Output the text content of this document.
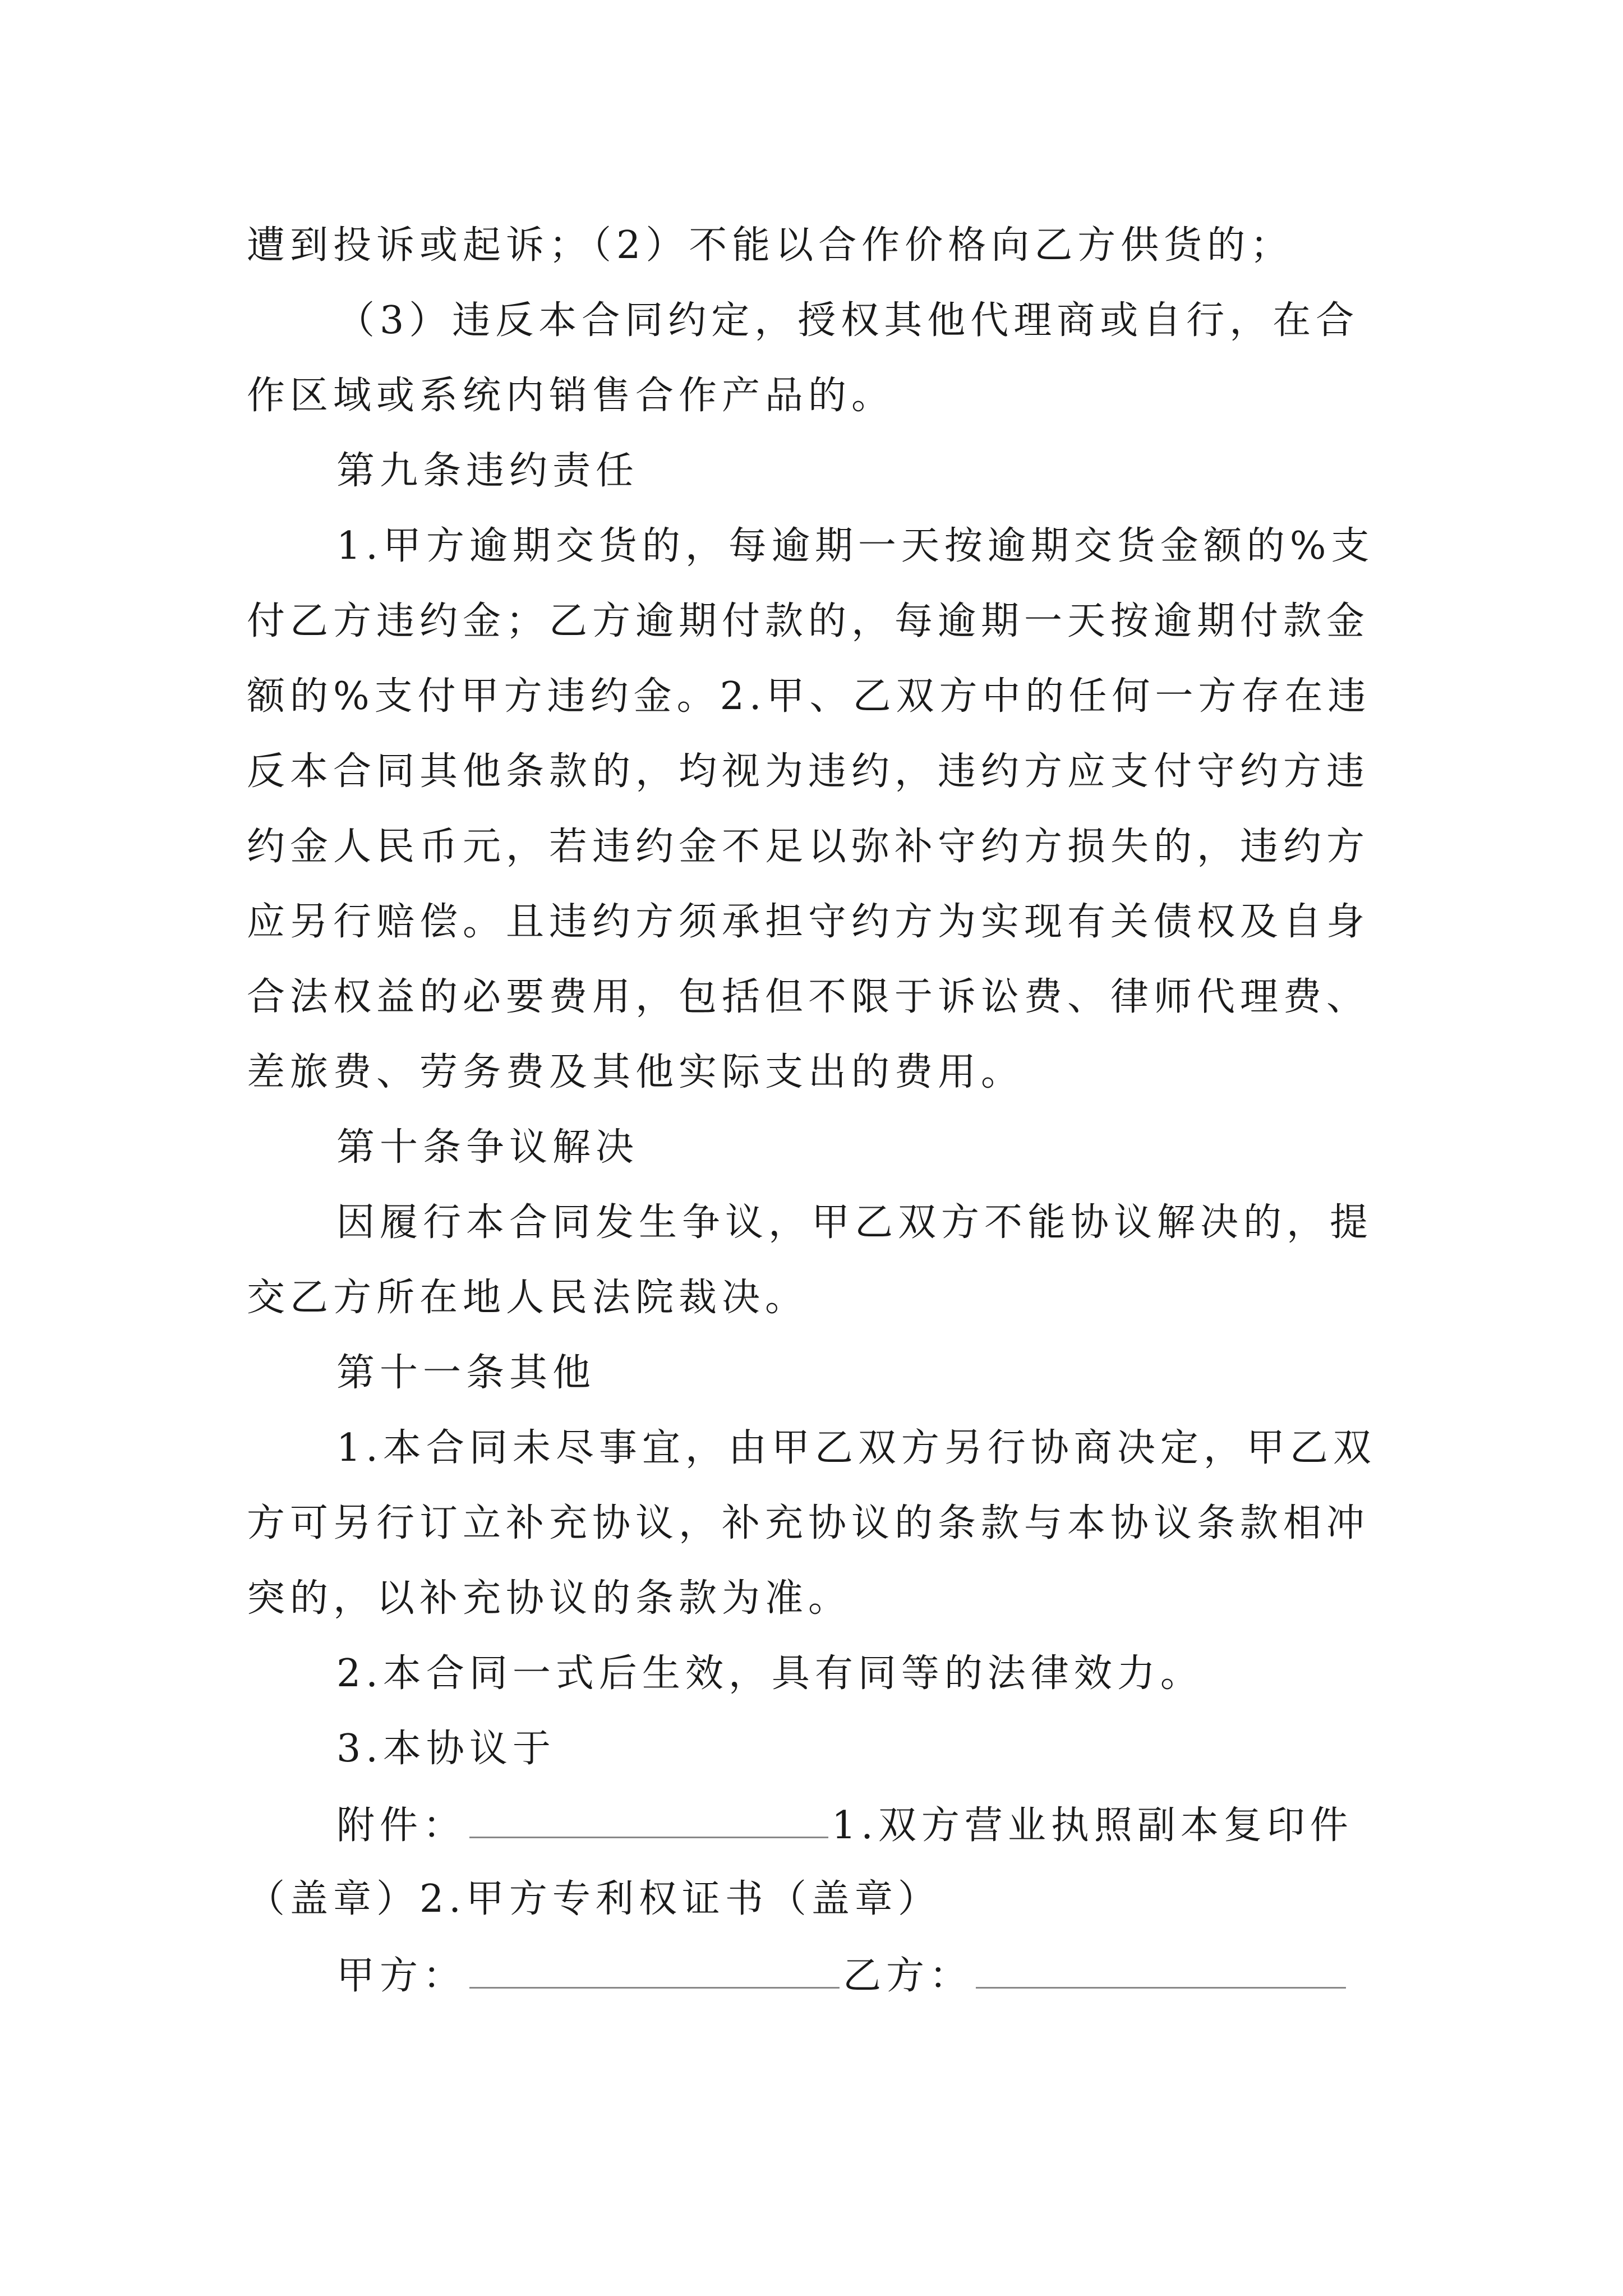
遭到投诉或起诉；（2）不能以合作价格向乙方供货的；
（3）违反本合同约定，授权其他代理商或自行，在合
作区域或系统内销售合作产品的。
第九条违约责任
1.甲方逾期交货的，每逾期一天按逾期交货金额的%支
付乙方违约金；乙方逾期付款的，每逾期一天按逾期付款金
额的%支付甲方违约金。2.甲、乙双方中的任何一方存在违
反本合同其他条款的，均视为违约，违约方应支付守约方违
约金人民币元，若违约金不足以弥补守约方损失的，违约方
应另行赔偿。且违约方须承担守约方为实现有关债权及自身
合法权益的必要费用，包括但不限于诉讼费、律师代理费、
差旅费、劳务费及其他实际支出的费用。
第十条争议解决
因履行本合同发生争议，甲乙双方不能协议解决的，提
交乙方所在地人民法院裁决。
第十一条其他
1.本合同未尽事宜，由甲乙双方另行协商决定，甲乙双
方可另行订立补充协议，补充协议的条款与本协议条款相冲
突的，以补充协议的条款为准。
2.本合同一式后生效，具有同等的法律效力。
3.本协议于
附件：	1.双方营业执照副本复印件
（盖章）2.甲方专利权证书（盖章）
甲方：	乙方：
